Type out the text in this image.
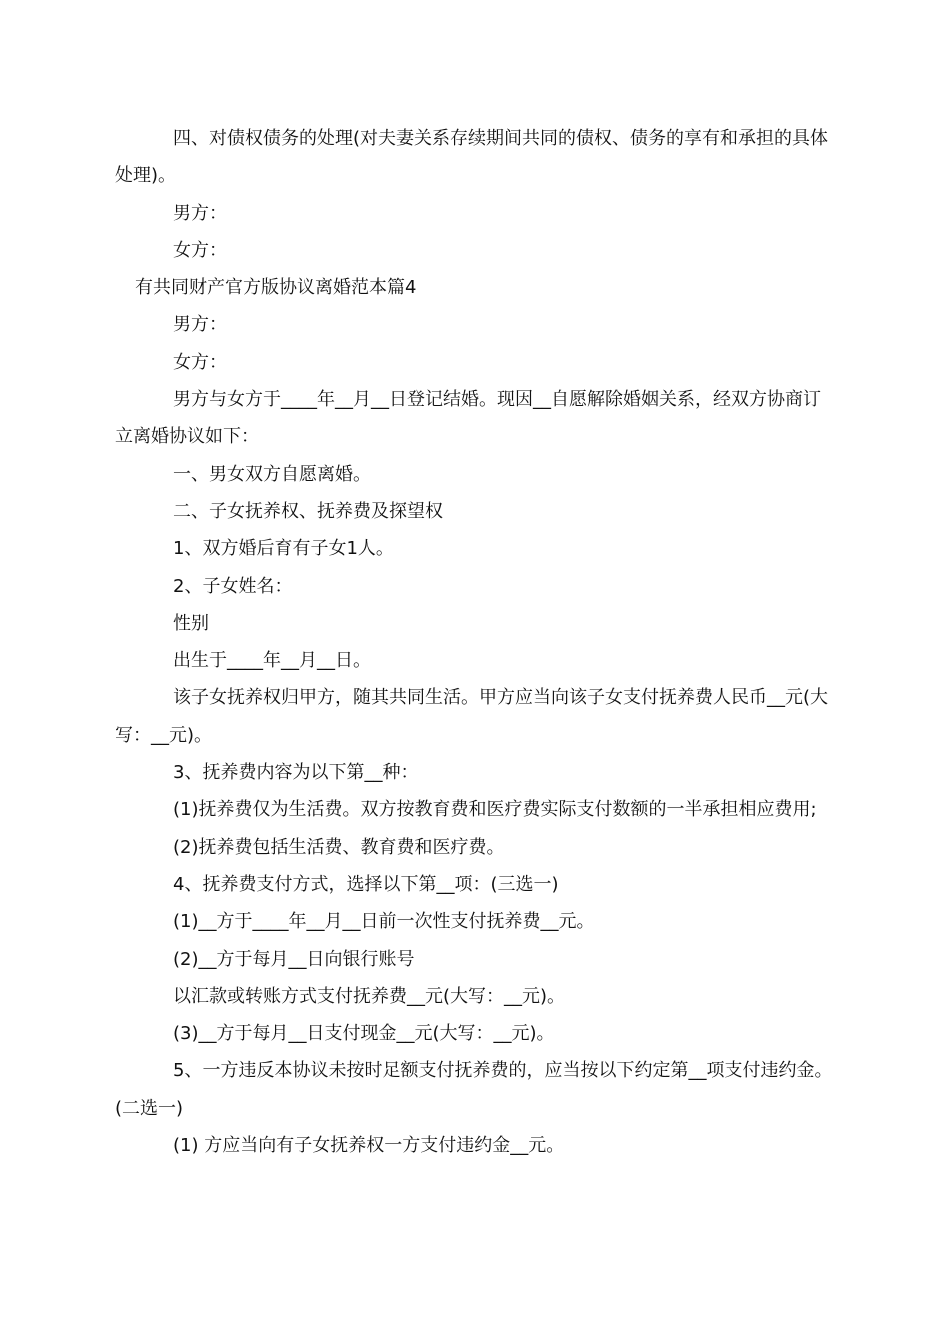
四、对债权债务的处理(对夫妻关系存续期间共同的债权、债务的享有和承担的具体处理)。

男方：

女方：

有共同财产官方版协议离婚范本篇4

男方：

女方：

男方与女方于____年__月__日登记结婚。现因__自愿解除婚姻关系，经双方协商订立离婚协议如下：

一、男女双方自愿离婚。

二、子女抚养权、抚养费及探望权

1、双方婚后育有子女1人。

2、子女姓名：

性别

出生于____年__月__日。

该子女抚养权归甲方，随其共同生活。甲方应当向该子女支付抚养费人民币__元(大写：__元)。

3、抚养费内容为以下第__种：

(1)抚养费仅为生活费。双方按教育费和医疗费实际支付数额的一半承担相应费用;

(2)抚养费包括生活费、教育费和医疗费。

4、抚养费支付方式，选择以下第__项：(三选一)

(1)__方于____年__月__日前一次性支付抚养费__元。

(2)__方于每月__日向银行账号

以汇款或转账方式支付抚养费__元(大写：__元)。

(3)__方于每月__日支付现金__元(大写：__元)。

5、一方违反本协议未按时足额支付抚养费的，应当按以下约定第__项支付违约金。(二选一)

(1) 方应当向有子女抚养权一方支付违约金__元。
